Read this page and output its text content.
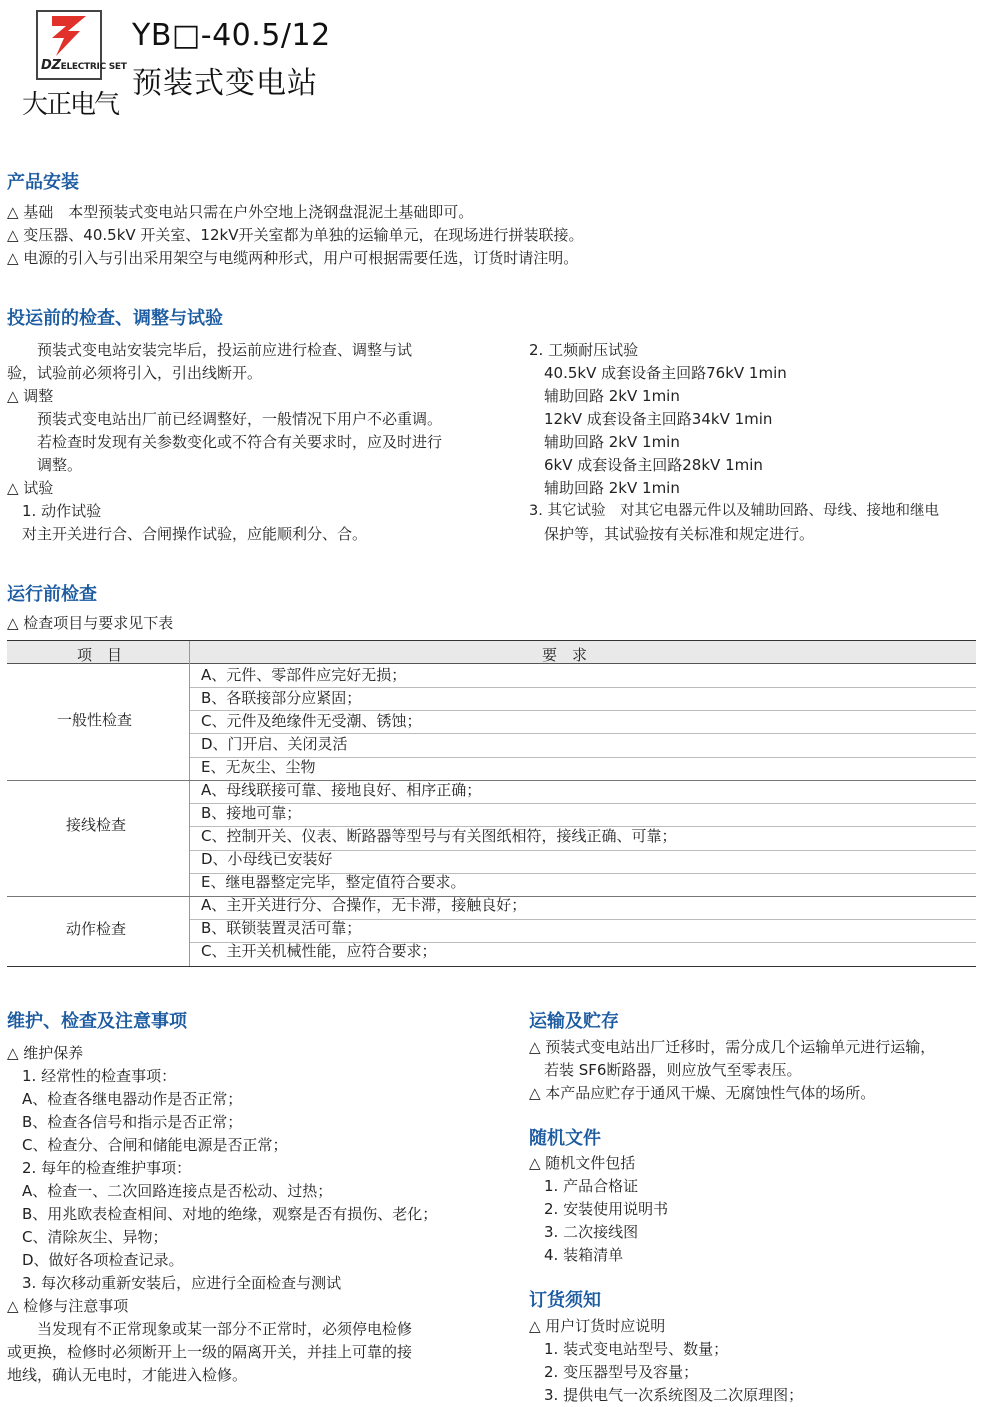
DZELECTRIC SET
大正电气
YB□-40.5/12
预装式变电站
产品安装
△ 基础　本型预装式变电站只需在户外空地上浇钢盘混泥土基础即可。
△ 变压器、40.5kV 开关室、12kV开关室都为单独的运输单元，在现场进行拼装联接。
△ 电源的引入与引出采用架空与电缆两种形式，用户可根据需要任选，订货时请注明。
投运前的检查、调整与试验
　　预装式变电站安装完毕后，投运前应进行检查、调整与试
验，试验前必须将引入，引出线断开。
△ 调整
　　预装式变电站出厂前已经调整好，一般情况下用户不必重调。
　　若检查时发现有关参数变化或不符合有关要求时，应及时进行
　　调整。
△ 试验
　1. 动作试验
　对主开关进行合、合闸操作试验，应能顺利分、合。
2. 工频耐压试验
　40.5kV 成套设备主回路76kV 1min
　辅助回路 2kV 1min
　12kV 成套设备主回路34kV 1min
　辅助回路 2kV 1min
　6kV 成套设备主回路28kV 1min
　辅助回路 2kV 1min
3. 其它试验　对其它电器元件以及辅助回路、母线、接地和继电
　保护等，其试验按有关标准和规定进行。
运行前检查
△ 检查项目与要求见下表
项　目	要　求
一般性检查
接线检查
动作检查
A、元件、零部件应完好无损；
B、各联接部分应紧固；
C、元件及绝缘件无受潮、锈蚀；
D、门开启、关闭灵活
E、无灰尘、尘物
A、母线联接可靠、接地良好、相序正确；
B、接地可靠；
C、控制开关、仪表、断路器等型号与有关图纸相符，接线正确、可靠；
D、小母线已安装好
E、继电器整定完毕，整定值符合要求。
A、主开关进行分、合操作，无卡滞，接触良好；
B、联锁装置灵活可靠；
C、主开关机械性能，应符合要求；
维护、检查及注意事项
△ 维护保养
　1. 经常性的检查事项：
　A、检查各继电器动作是否正常；
　B、检查各信号和指示是否正常；
　C、检查分、合闸和储能电源是否正常；
　2. 每年的检查维护事项：
　A、检查一、二次回路连接点是否松动、过热；
　B、用兆欧表检查相间、对地的绝缘，观察是否有损伤、老化；
　C、清除灰尘、异物；
　D、做好各项检查记录。
　3. 每次移动重新安装后，应进行全面检查与测试
△ 检修与注意事项
　　当发现有不正常现象或某一部分不正常时，必须停电检修
或更换，检修时必须断开上一级的隔离开关，并挂上可靠的接
地线，确认无电时，才能进入检修。
运输及贮存
△ 预装式变电站出厂迁移时，需分成几个运输单元进行运输，
　若装 SF6断路器，则应放气至零表压。
△ 本产品应贮存于通风干燥、无腐蚀性气体的场所。
随机文件
△ 随机文件包括
　1. 产品合格证
　2. 安装使用说明书
　3. 二次接线图
　4. 装箱清单
订货须知
△ 用户订货时应说明
　1. 装式变电站型号、数量；
　2. 变压器型号及容量；
　3. 提供电气一次系统图及二次原理图；
